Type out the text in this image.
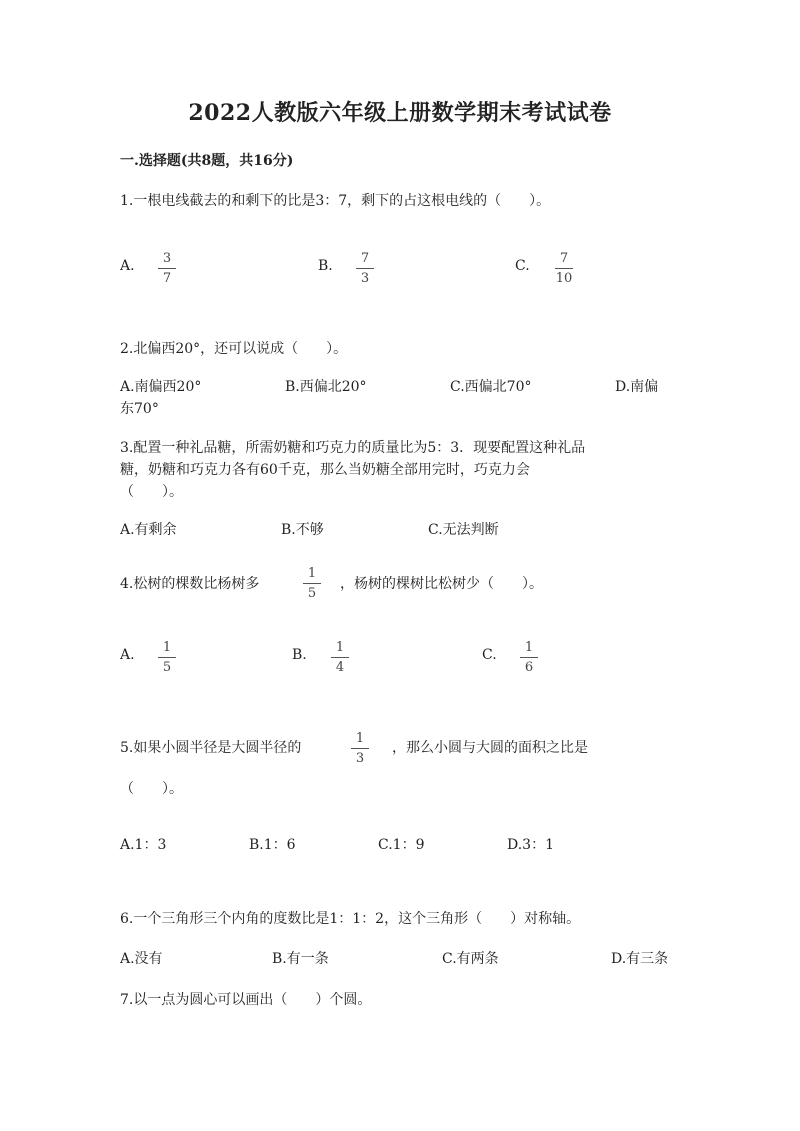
2022人教版六年级上册数学期末考试试卷
一.选择题(共8题，共16分)
1.一根电线截去的和剩下的比是3：7，剩下的占这根电线的（　　）。
A.	3
7
B.	7
3
C.	7
10
2.北偏西20°，还可以说成（　　）。
A.南偏西20°	B.西偏北20°	C.西偏北70°	D.南偏
东70°
3.配置一种礼品糖，所需奶糖和巧克力的质量比为5：3．现要配置这种礼品
糖，奶糖和巧克力各有60千克，那么当奶糖全部用完时，巧克力会
（　　）。
A.有剩余	B.不够	C.无法判断
4.松树的棵数比杨树多
1
5
，杨树的棵树比松树少（　　）。
A.	1
5
B.	1
4
C.	1
6
5.如果小圆半径是大圆半径的
1
3
，那么小圆与大圆的面积之比是
（　　）。
A.1：3	B.1：6	C.1：9	D.3：1
6.一个三角形三个内角的度数比是1：1：2，这个三角形（　　）对称轴。
A.没有	B.有一条	C.有两条	D.有三条
7.以一点为圆心可以画出（　　）个圆。
